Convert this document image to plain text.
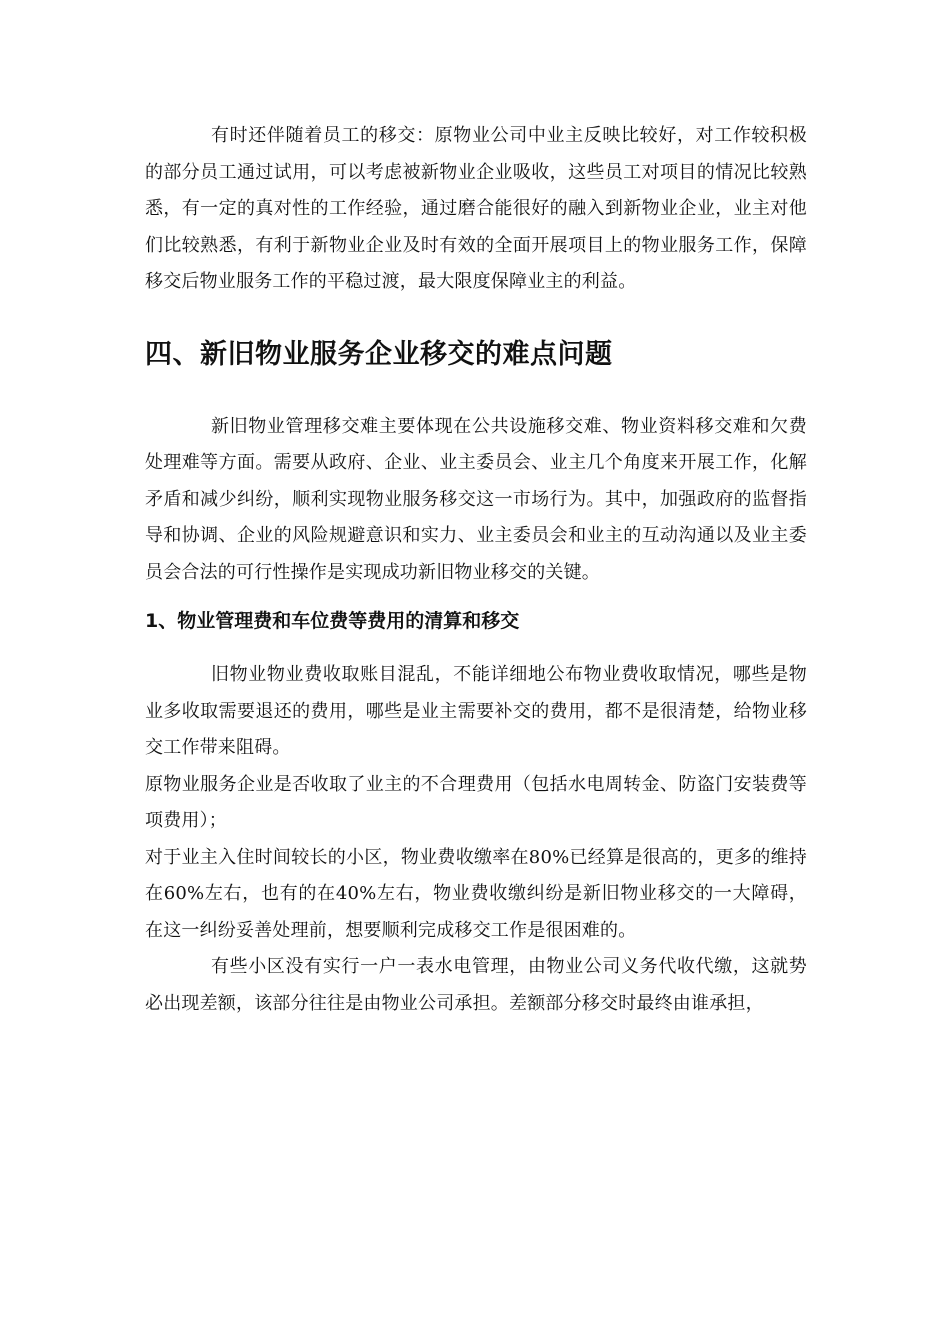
有时还伴随着员工的移交：原物业公司中业主反映比较好，对工作较积极的部分员工通过试用，可以考虑被新物业企业吸收，这些员工对项目的情况比较熟悉，有一定的真对性的工作经验，通过磨合能很好的融入到新物业企业，业主对他们比较熟悉，有利于新物业企业及时有效的全面开展项目上的物业服务工作，保障移交后物业服务工作的平稳过渡，最大限度保障业主的利益。

四、新旧物业服务企业移交的难点问题

新旧物业管理移交难主要体现在公共设施移交难、物业资料移交难和欠费处理难等方面。需要从政府、企业、业主委员会、业主几个角度来开展工作，化解矛盾和减少纠纷，顺利实现物业服务移交这一市场行为。其中，加强政府的监督指导和协调、企业的风险规避意识和实力、业主委员会和业主的互动沟通以及业主委员会合法的可行性操作是实现成功新旧物业移交的关键。

1、物业管理费和车位费等费用的清算和移交

旧物业物业费收取账目混乱，不能详细地公布物业费收取情况，哪些是物业多收取需要退还的费用，哪些是业主需要补交的费用，都不是很清楚，给物业移交工作带来阻碍。

原物业服务企业是否收取了业主的不合理费用（包括水电周转金、防盗门安装费等项费用）；

对于业主入住时间较长的小区，物业费收缴率在80%已经算是很高的，更多的维持在60%左右，也有的在40%左右，物业费收缴纠纷是新旧物业移交的一大障碍，在这一纠纷妥善处理前，想要顺利完成移交工作是很困难的。

有些小区没有实行一户一表水电管理，由物业公司义务代收代缴，这就势必出现差额，该部分往往是由物业公司承担。差额部分移交时最终由谁承担，
